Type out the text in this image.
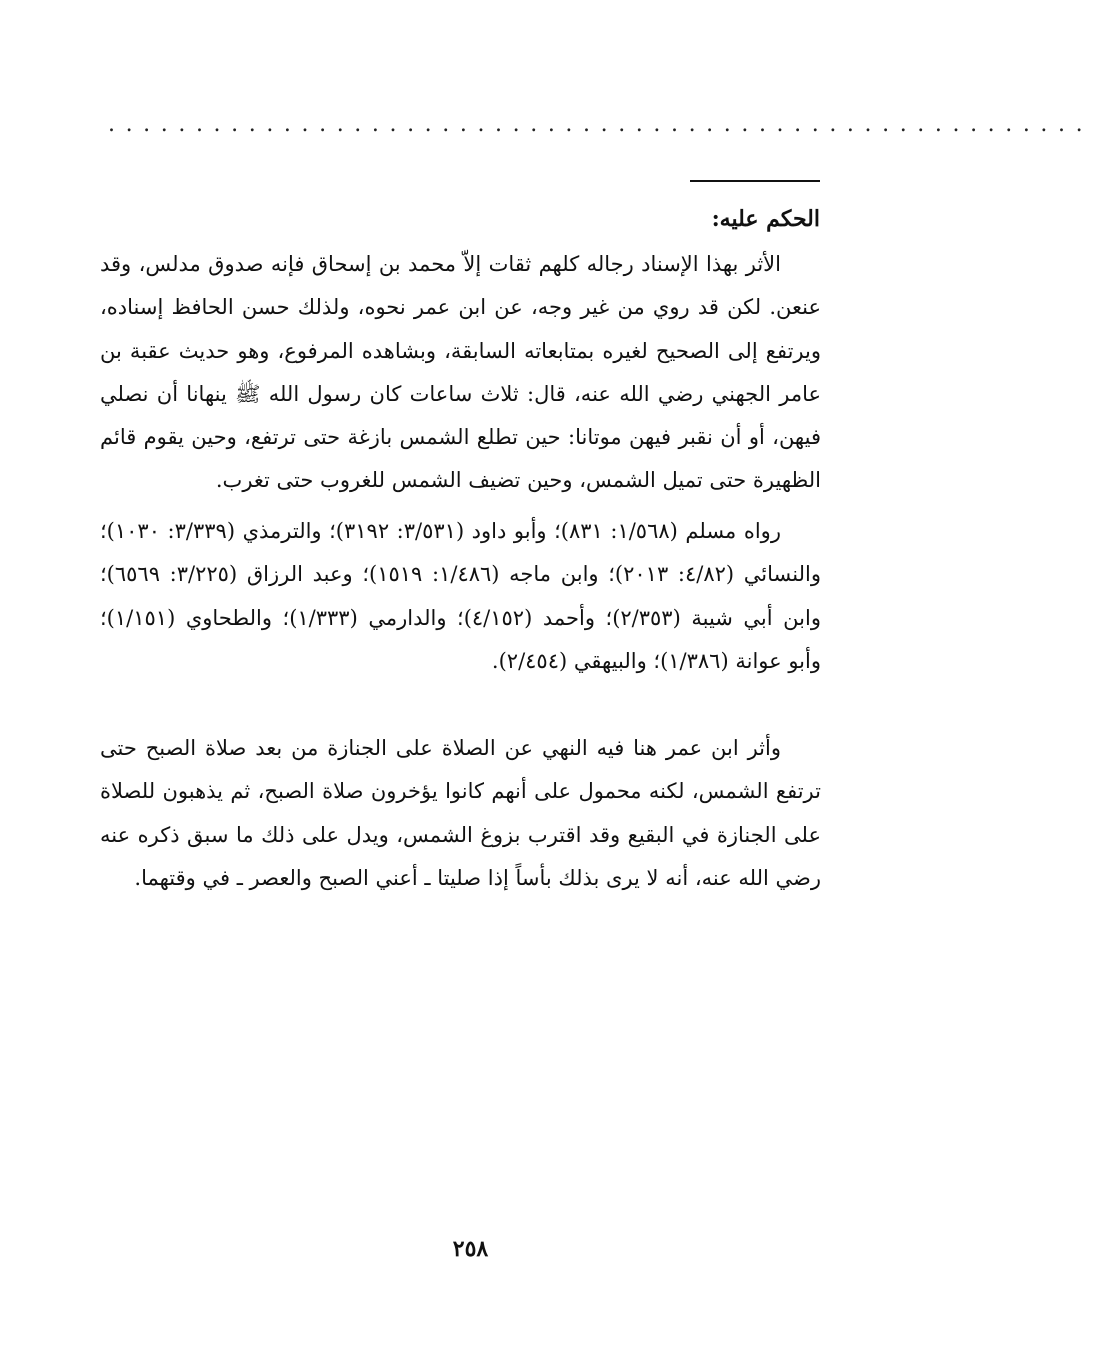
........................................................
الحكم عليه:

الأثر بهذا الإسناد رجاله كلهم ثقات إلاّ محمد بن إسحاق فإنه صدوق مدلس، وقد عنعن. لكن قد روي من غير وجه، عن ابن عمر نحوه، ولذلك حسن الحافظ إسناده، ويرتفع إلى الصحيح لغيره بمتابعاته السابقة، وبشاهده المرفوع، وهو حديث عقبة بن عامر الجهني رضي الله عنه، قال: ثلاث ساعات كان رسول الله ﷺ ينهانا أن نصلي فيهن، أو أن نقبر فيهن موتانا: حين تطلع الشمس بازغة حتى ترتفع، وحين يقوم قائم الظهيرة حتى تميل الشمس، وحين تضيف الشمس للغروب حتى تغرب.

رواه مسلم (١/٥٦٨: ٨٣١)؛ وأبو داود (٣/٥٣١: ٣١٩٢)؛ والترمذي (٣/٣٣٩: ١٠٣٠)؛ والنسائي (٤/٨٢: ٢٠١٣)؛ وابن ماجه (١/٤٨٦: ١٥١٩)؛ وعبد الرزاق (٣/٢٢٥: ٦٥٦٩)؛ وابن أبي شيبة (٢/٣٥٣)؛ وأحمد (٤/١٥٢)؛ والدارمي (١/٣٣٣)؛ والطحاوي (١/١٥١)؛ وأبو عوانة (١/٣٨٦)؛ والبيهقي (٢/٤٥٤).

وأثر ابن عمر هنا فيه النهي عن الصلاة على الجنازة من بعد صلاة الصبح حتى ترتفع الشمس، لكنه محمول على أنهم كانوا يؤخرون صلاة الصبح، ثم يذهبون للصلاة على الجنازة في البقيع وقد اقترب بزوغ الشمس، ويدل على ذلك ما سبق ذكره عنه رضي الله عنه، أنه لا يرى بذلك بأساً إذا صليتا ـ أعني الصبح والعصر ـ في وقتهما.

٢٥٨
